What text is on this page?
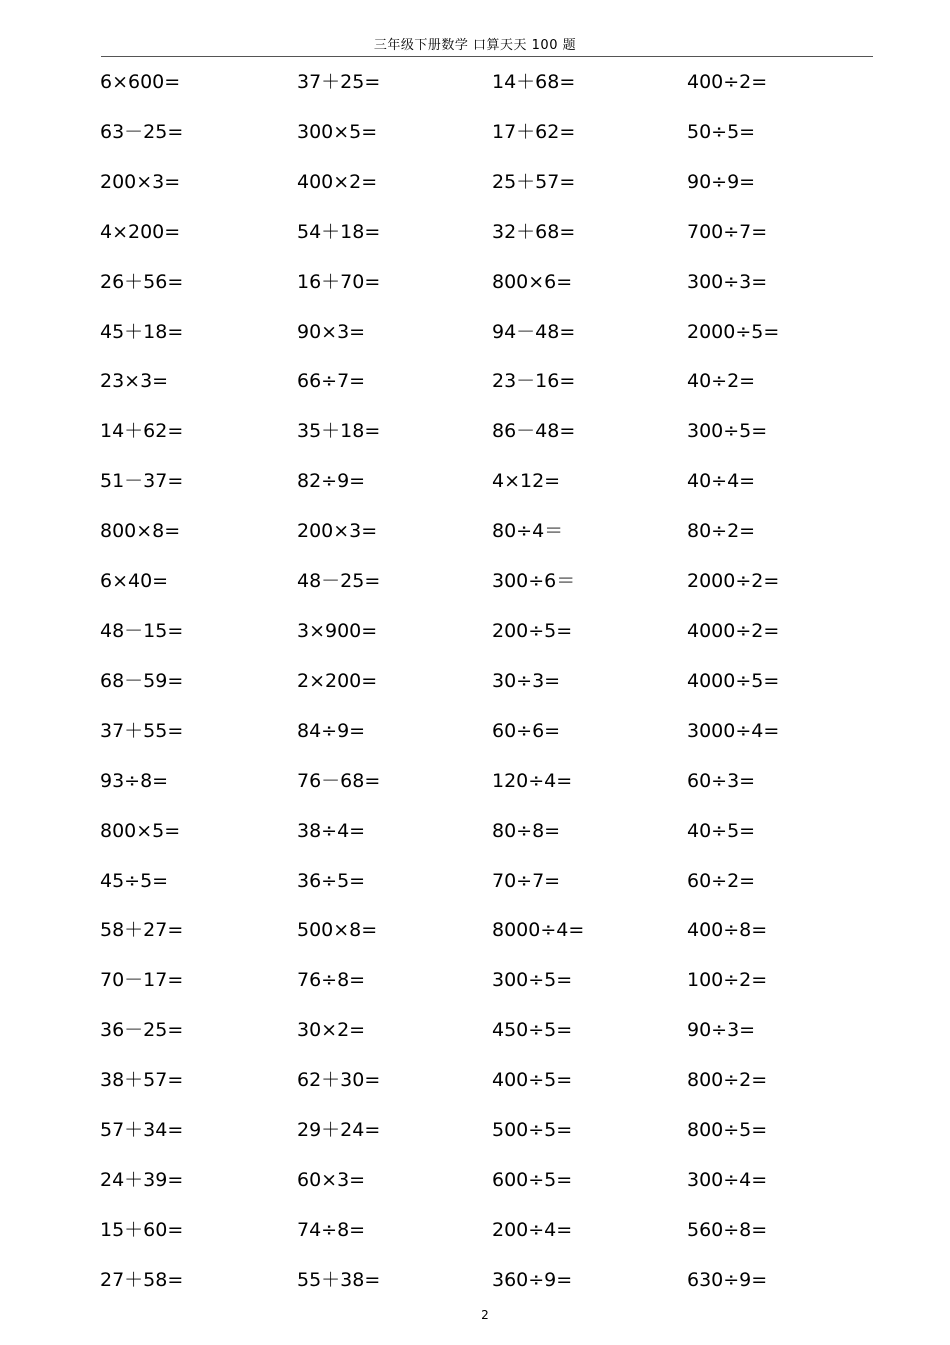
三年级下册数学 口算天天 100 题
6×600=	37＋25=	14＋68=	400÷2=
63－25=	300×5=	17＋62=	50÷5=
200×3=	400×2=	25＋57=	90÷9=
4×200=	54＋18=	32＋68=	700÷7=
26＋56=	16＋70=	800×6=	300÷3=
45＋18=	90×3=	94－48=	2000÷5=
23×3=	66÷7=	23－16=	40÷2=
14＋62=	35＋18=	86－48=	300÷5=
51－37=	82÷9=	4×12=	40÷4=
800×8=	200×3=	80÷4＝	80÷2=
6×40=	48－25=	300÷6＝	2000÷2=
48－15=	3×900=	200÷5=	4000÷2=
68－59=	2×200=	30÷3=	4000÷5=
37＋55=	84÷9=	60÷6=	3000÷4=
93÷8=	76－68=	120÷4=	60÷3=
800×5=	38÷4=	80÷8=	40÷5=
45÷5=	36÷5=	70÷7=	60÷2=
58＋27=	500×8=	8000÷4=	400÷8=
70－17=	76÷8=	300÷5=	100÷2=
36－25=	30×2=	450÷5=	90÷3=
38＋57=	62＋30=	400÷5=	800÷2=
57＋34=	29＋24=	500÷5=	800÷5=
24＋39=	60×3=	600÷5=	300÷4=
15＋60=	74÷8=	200÷4=	560÷8=
27＋58=	55＋38=	360÷9=	630÷9=
2
